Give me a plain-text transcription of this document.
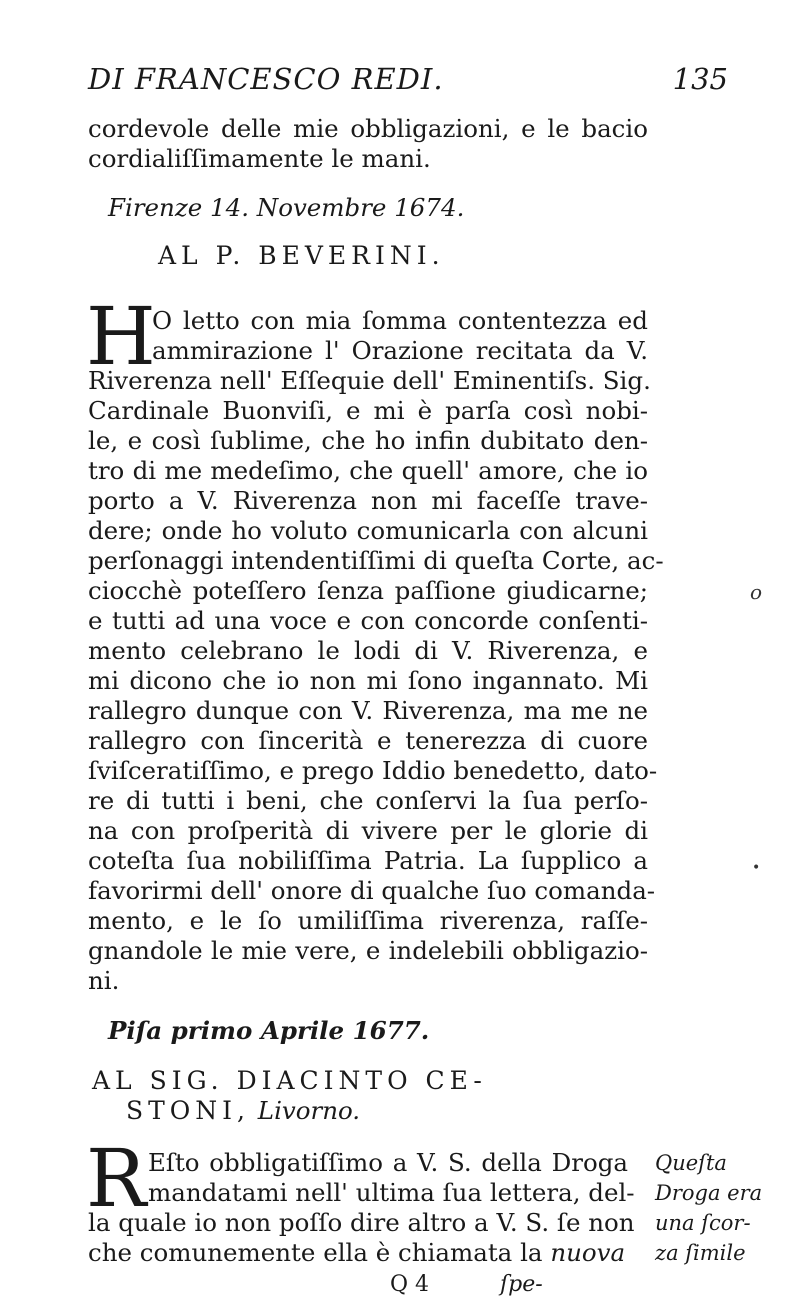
DI FRANCESCO REDI.	135
cordevole delle mie obbligazioni, e le bacio
cordialiſſimamente le mani.
Firenze 14. Novembre 1674.
AL P. BEVERINI.
H
O letto con mia ſomma contentezza ed
ammirazione l' Orazione recitata da V.
Riverenza nell' Eſſequie dell' Eminentiſs. Sig.
Cardinale Buonviſi, e mi è parſa così nobi-
le, e così ſublime, che ho infin dubitato den-
tro di me medeſimo, che quell' amore, che io
porto a V. Riverenza non mi faceſſe trave-
dere; onde ho voluto comunicarla con alcuni
perſonaggi intendentiſſimi di queſta Corte, ac-
ciocchè poteſſero ſenza paſſione giudicarne;
e tutti ad una voce e con concorde conſenti-
mento celebrano le lodi di V. Riverenza, e
mi dicono che io non mi ſono ingannato. Mi
rallegro dunque con V. Riverenza, ma me ne
rallegro con ſincerità e tenerezza di cuore
ſviſceratiſſimo, e prego Iddio benedetto, dato-
re di tutti i beni, che conſervi la ſua perſo-
na con proſperità di vivere per le glorie di
coteſta ſua nobiliſſima Patria. La ſupplico a
favorirmi dell' onore di qualche ſuo comanda-
mento, e le ſo umiliſſima riverenza, raſſe-
gnandole le mie vere, e indelebili obbligazio-
ni.
Piſa primo Aprile 1677.
AL SIG. DIACINTO CE-
STONI, Livorno.
R Eſto obbligatiſſimo a V. S. della Droga
mandatami nell' ultima ſua lettera, del-
la quale io non poſſo dire altro a V. S. ſe non
che comunemente ella è chiamata la nuova
Queſta
Droga era
una ſcor-
za ſimile
Q 4	ſpe-
o
•
